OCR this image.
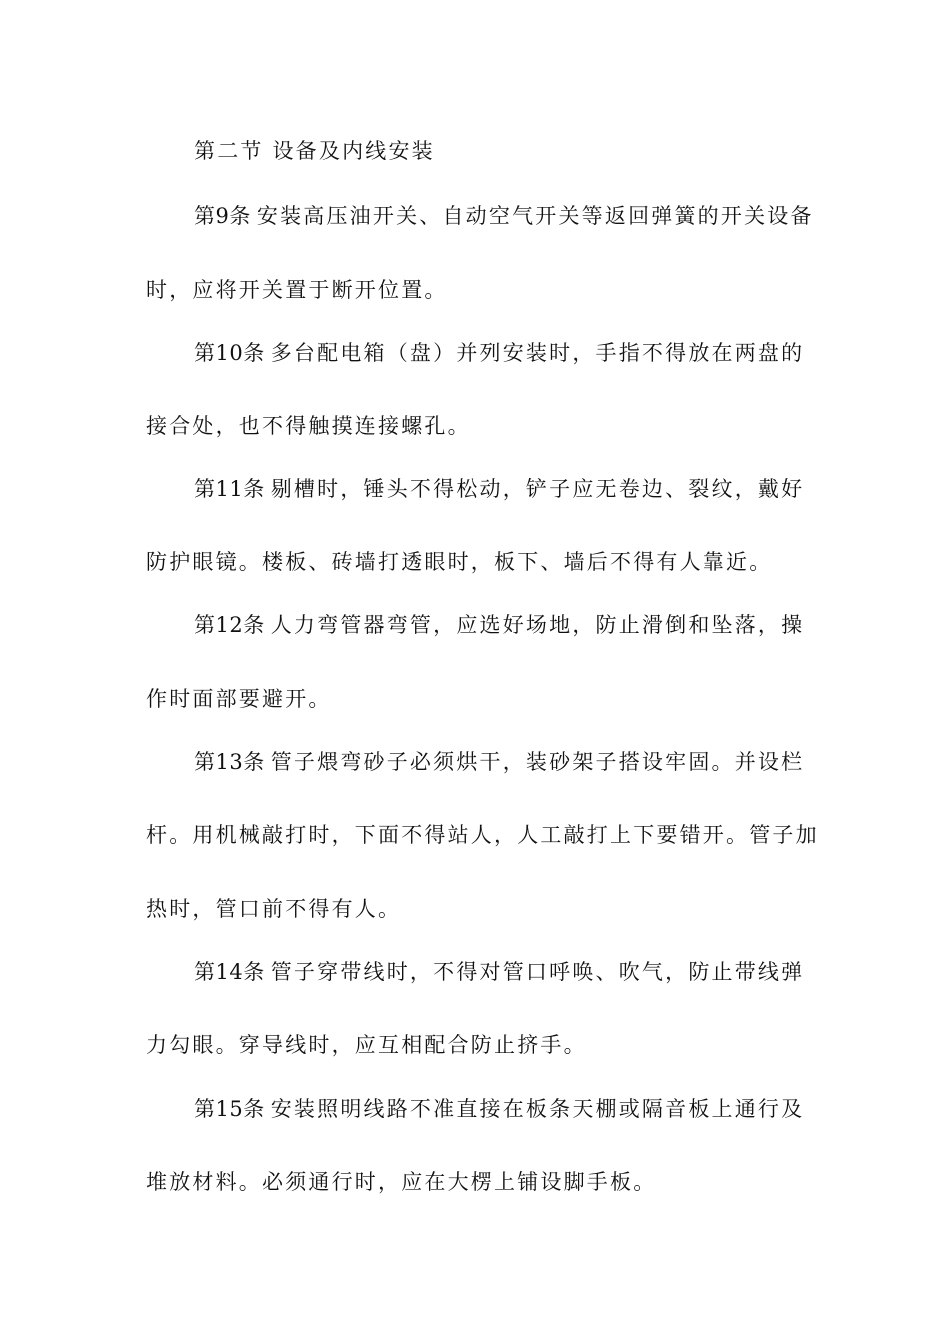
第二节 设备及内线安装
第9条 安装高压油开关、自动空气开关等返回弹簧的开关设备
时，应将开关置于断开位置。
第10条 多台配电箱（盘）并列安装时，手指不得放在两盘的
接合处，也不得触摸连接螺孔。
第11条 剔槽时，锤头不得松动，铲子应无卷边、裂纹，戴好
防护眼镜。楼板、砖墙打透眼时，板下、墙后不得有人靠近。
第12条 人力弯管器弯管，应选好场地，防止滑倒和坠落，操
作时面部要避开。
第13条 管子煨弯砂子必须烘干，装砂架子搭设牢固。并设栏
杆。用机械敲打时，下面不得站人，人工敲打上下要错开。管子加
热时，管口前不得有人。
第14条 管子穿带线时，不得对管口呼唤、吹气，防止带线弹
力勾眼。穿导线时，应互相配合防止挤手。
第15条 安装照明线路不准直接在板条天棚或隔音板上通行及
堆放材料。必须通行时，应在大楞上铺设脚手板。
